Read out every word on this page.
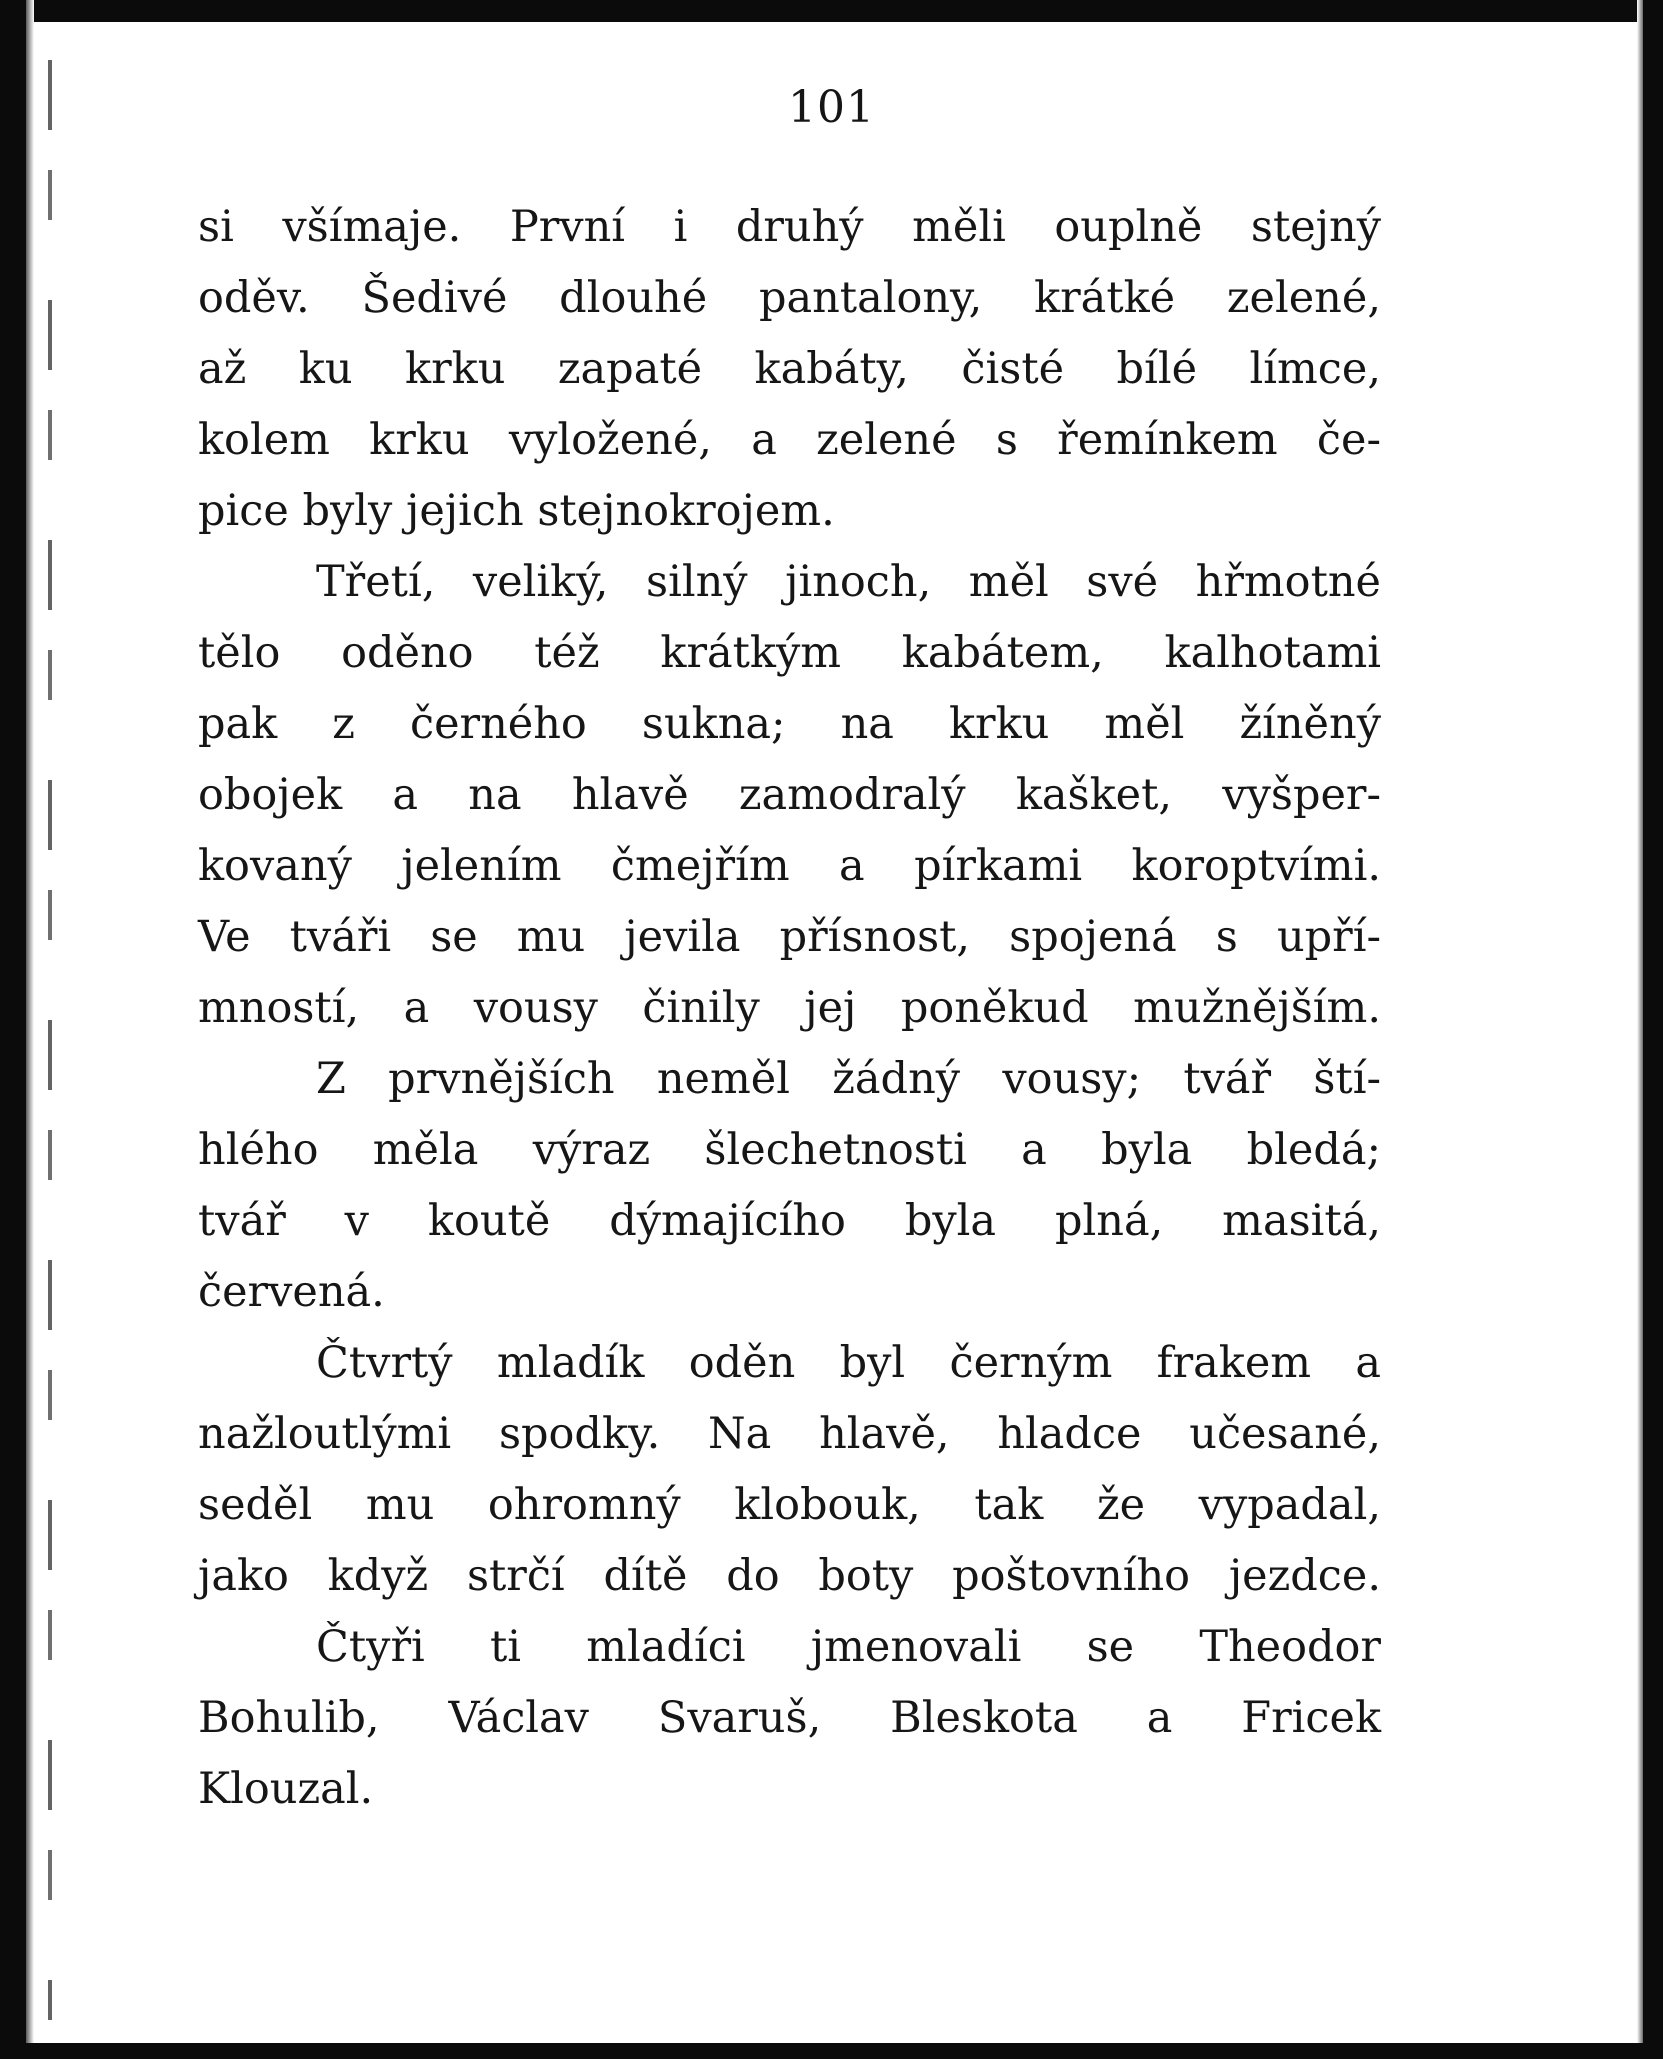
101
si všímaje. První i druhý měli ouplně stejný
oděv. Šedivé dlouhé pantalony, krátké zelené,
až ku krku zapaté kabáty, čisté bílé límce,
kolem krku vyložené, a zelené s řemínkem če-
pice byly jejich stejnokrojem.
Třetí, veliký, silný jinoch, měl své hřmotné
tělo oděno též krátkým kabátem, kalhotami
pak z černého sukna; na krku měl žíněný
obojek a na hlavě zamodralý kašket, vyšper-
kovaný jelením čmejřím a pírkami koroptvími.
Ve tváři se mu jevila přísnost, spojená s upří-
mností, a vousy činily jej poněkud mužnějším.
Z prvnějších neměl žádný vousy; tvář ští-
hlého měla výraz šlechetnosti a byla bledá;
tvář v koutě dýmajícího byla plná, masitá,
červená.
Čtvrtý mladík oděn byl černým frakem a
nažloutlými spodky. Na hlavě, hladce učesané,
seděl mu ohromný klobouk, tak že vypadal,
jako když strčí dítě do boty poštovního jezdce.
Čtyři ti mladíci jmenovali se Theodor
Bohulib, Václav Svaruš, Bleskota a Fricek
Klouzal.
